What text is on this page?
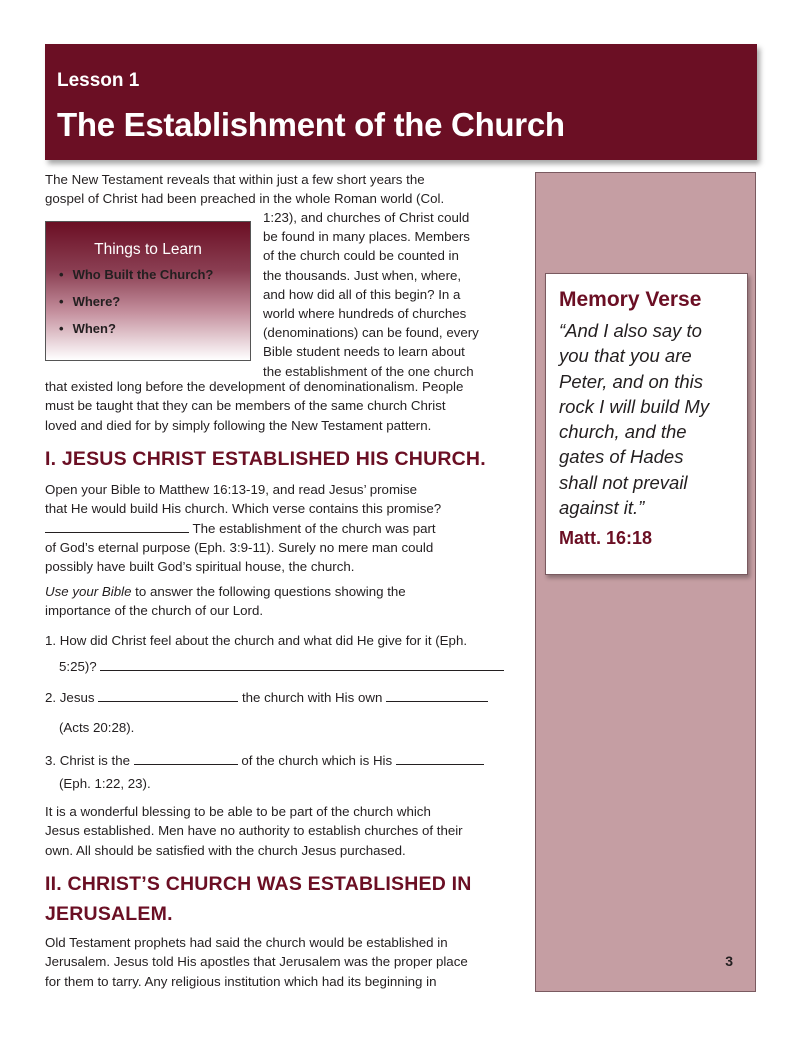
Lesson 1
The Establishment of the Church
3
Memory Verse
“And I also say to
you that you are
Peter, and on this
rock I will build My
church, and the
gates of Hades
shall not prevail
against it.”
Matt. 16:18
The New Testament reveals that within just a few short years the
gospel of Christ had been preached in the whole Roman world (Col.
1:23), and churches of Christ could
be found in many places. Members
of the church could be counted in
the thousands. Just when, where,
and how did all of this begin? In a
world where hundreds of churches
(denominations) can be found, every
Bible student needs to learn about
the establishment of the one church
Things to Learn
• Who Built the Church?
• Where?
• When?
that existed long before the development of denominationalism. People
must be taught that they can be members of the same church Christ
loved and died for by simply following the New Testament pattern.
I. JESUS CHRIST ESTABLISHED HIS CHURCH.
Open your Bible to Matthew 16:13-19, and read Jesus’ promise
that He would build His church. Which verse contains this promise?
The establishment of the church was part
of God’s eternal purpose (Eph. 3:9-11). Surely no mere man could
possibly have built God’s spiritual house, the church.
Use your Bible to answer the following questions showing the
importance of the church of our Lord.
1. How did Christ feel about the church and what did He give for it (Eph.
5:25)?
2. Jesus	the church with His own
(Acts 20:28).
3. Christ is the	of the church which is His
(Eph. 1:22, 23).
It is a wonderful blessing to be able to be part of the church which
Jesus established. Men have no authority to establish churches of their
own. All should be satisfied with the church Jesus purchased.
II. CHRIST’S CHURCH WAS ESTABLISHED IN
JERUSALEM.
Old Testament prophets had said the church would be established in
Jerusalem. Jesus told His apostles that Jerusalem was the proper place
for them to tarry. Any religious institution which had its beginning in
